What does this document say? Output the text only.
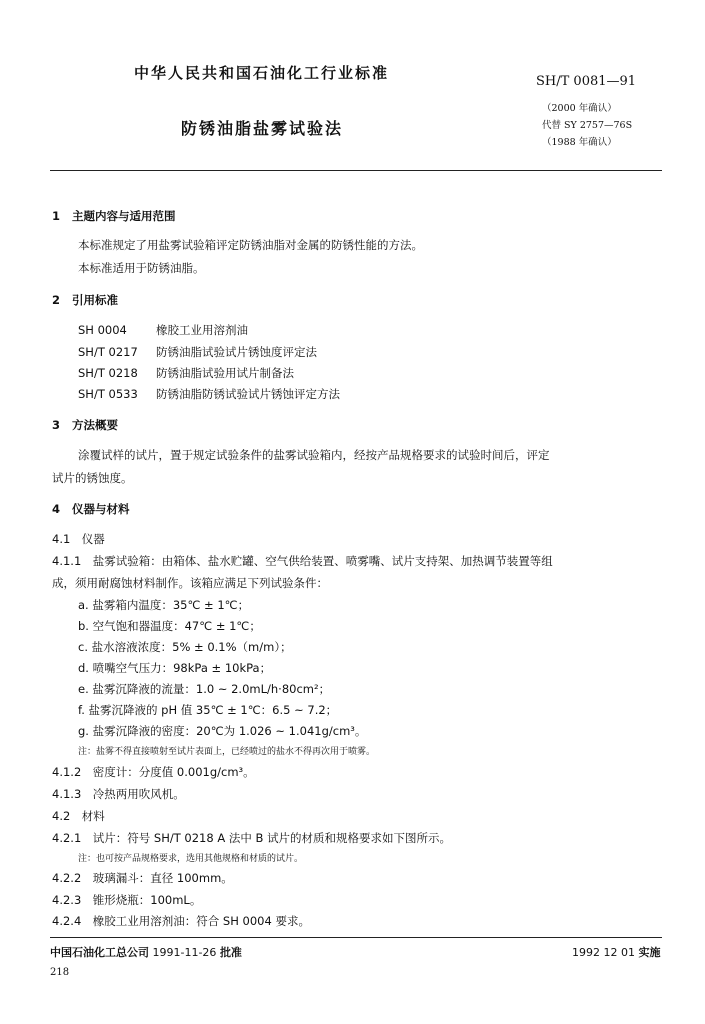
中华人民共和国石油化工行业标准	SH/T 0081—91
（2000 年确认）
代替 SY 2757—76S
（1988 年确认）
防锈油脂盐雾试验法
1 主题内容与适用范围
本标准规定了用盐雾试验箱评定防锈油脂对金属的防锈性能的方法。
本标准适用于防锈油脂。
2 引用标准
SH 0004	橡胶工业用溶剂油
SH/T 0217 防锈油脂试验试片锈蚀度评定法
SH/T 0218 防锈油脂试验用试片制备法
SH/T 0533 防锈油脂防锈试验试片锈蚀评定方法
3 方法概要
涂覆试样的试片，置于规定试验条件的盐雾试验箱内，经按产品规格要求的试验时间后，评定
试片的锈蚀度。
4 仪器与材料
4.1　仪器
4.1.1　盐雾试验箱：由箱体、盐水贮罐、空气供给装置、喷雾嘴、试片支持架、加热调节装置等组
成，须用耐腐蚀材料制作。该箱应满足下列试验条件：
a. 盐雾箱内温度：35℃ ± 1℃；
b. 空气饱和器温度：47℃ ± 1℃；
c. 盐水溶液浓度：5% ± 0.1%（m/m）；
d. 喷嘴空气压力：98kPa ± 10kPa；
e. 盐雾沉降液的流量：1.0 ~ 2.0mL/h·80cm²；
f. 盐雾沉降液的 pH 值 35℃ ± 1℃：6.5 ~ 7.2；
g. 盐雾沉降液的密度：20℃为 1.026 ~ 1.041g/cm³。
注：盐雾不得直接喷射至试片表面上，已经喷过的盐水不得再次用于喷雾。
4.1.2　密度计：分度值 0.001g/cm³。
4.1.3　冷热两用吹风机。
4.2　材料
4.2.1　试片：符号 SH/T 0218 A 法中 B 试片的材质和规格要求如下图所示。
注：也可按产品规格要求，选用其他规格和材质的试片。
4.2.2　玻璃漏斗：直径 100mm。
4.2.3　锥形烧瓶：100mL。
4.2.4　橡胶工业用溶剂油：符合 SH 0004 要求。
中国石油化工总公司 1991-11-26 批准	1992 12 01 实施
218
